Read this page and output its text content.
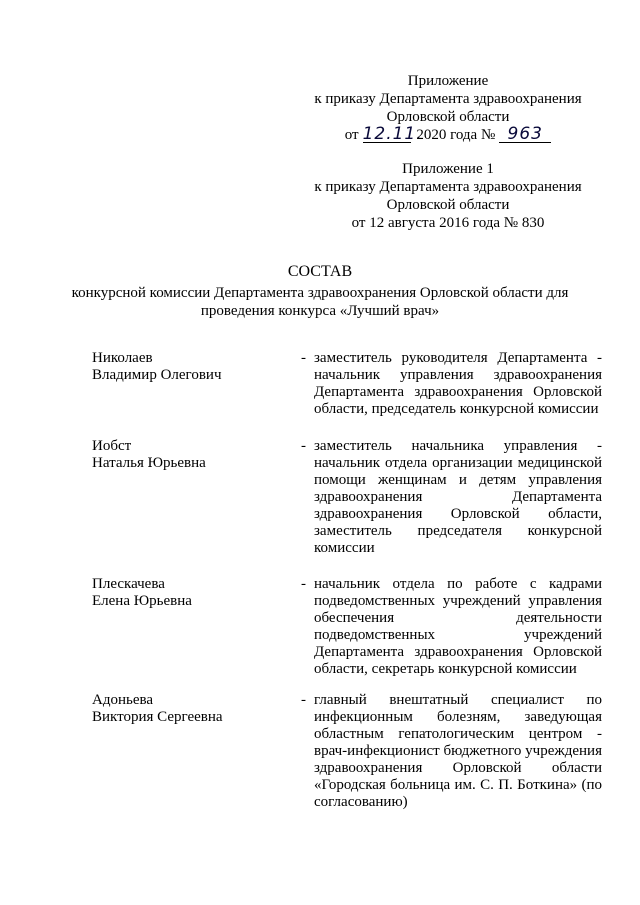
Приложение
к приказу Департамента здравоохранения
Орловской области
от 12.11. 2020 года № 963
Приложение 1
к приказу Департамента здравоохранения
Орловской области
от 12 августа 2016 года № 830
СОСТАВ
конкурсной комиссии Департамента здравоохранения Орловской области для
проведения конкурса «Лучший врач»
Николаев
Владимир Олегович
- заместитель руководителя Департамента - начальник управления здравоохранения Департамента здравоохранения Орловской области, председатель конкурсной комиссии
Иобст
Наталья Юрьевна
- заместитель начальника управления - начальник отдела организации медицинской помощи женщинам и детям управления здравоохранения Департамента здравоохранения Орловской области, заместитель председателя конкурсной комиссии
Плескачева
Елена Юрьевна
- начальник отдела по работе с кадрами подведомственных учреждений управления обеспечения деятельности подведомственных учреждений Департамента здравоохранения Орловской области, секретарь конкурсной комиссии
Адоньева
Виктория Сергеевна
- главный внештатный специалист по инфекционным болезням, заведующая областным гепатологическим центром - врач-инфекционист бюджетного учреждения здравоохранения Орловской области «Городская больница им. С. П. Боткина» (по согласованию)
